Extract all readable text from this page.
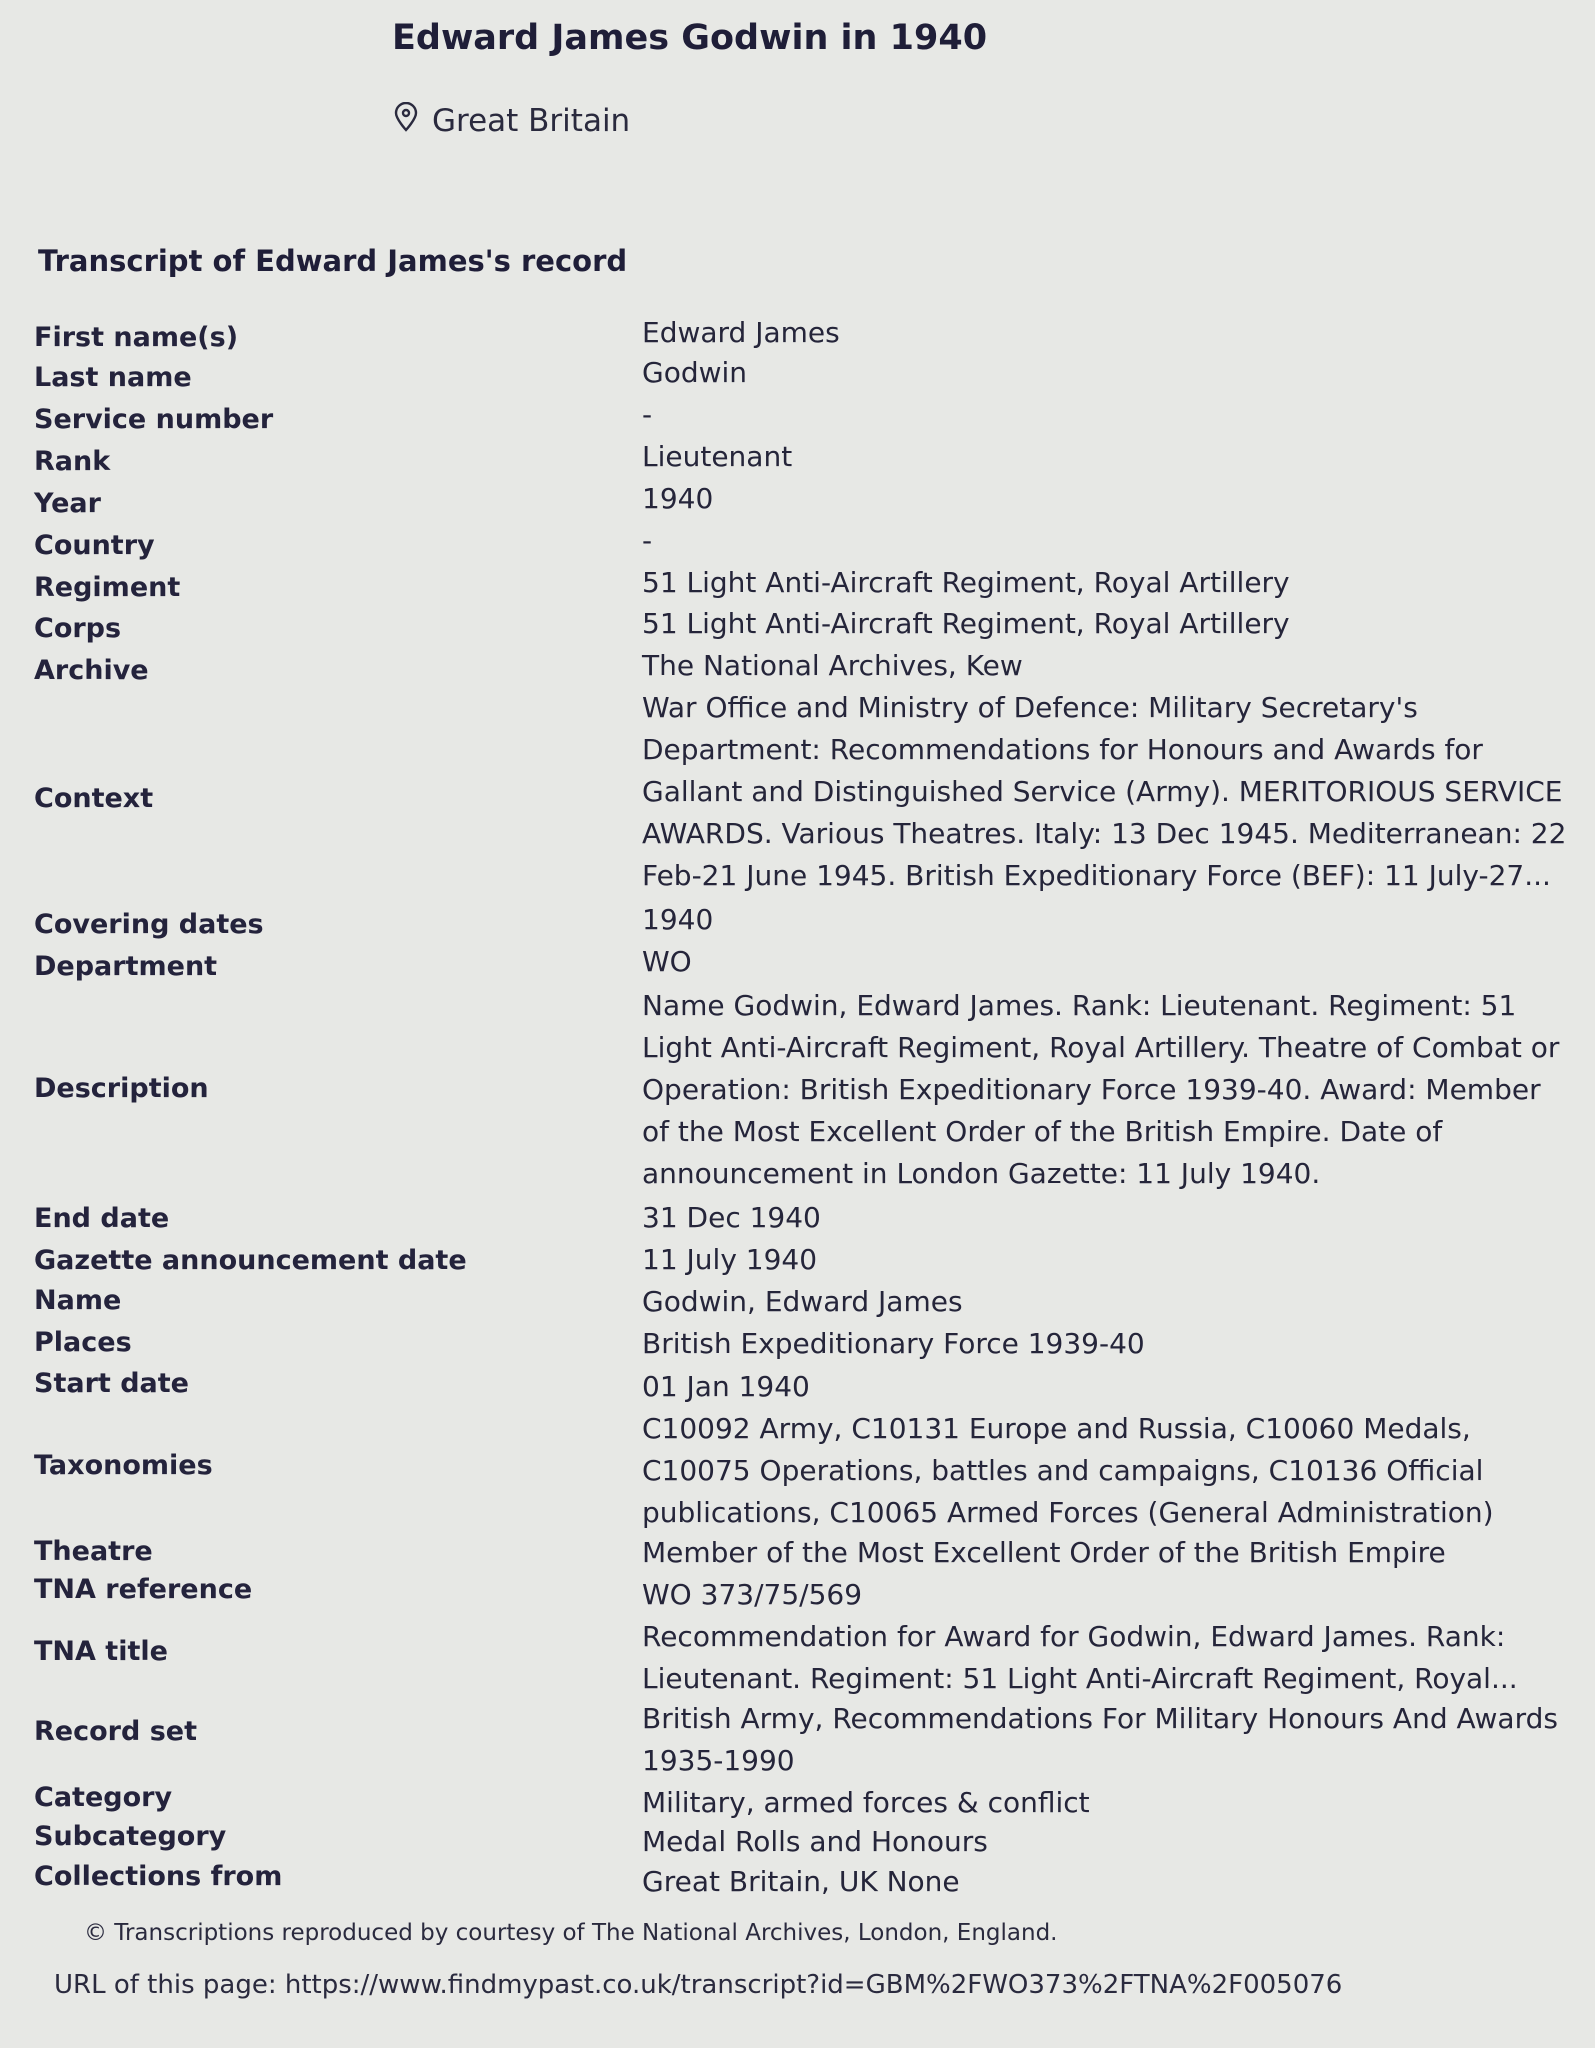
Edward James Godwin in 1940
Great Britain
Transcript of Edward James's record
First name(s)	Edward James
Last name	Godwin
Service number	-
Rank	Lieutenant
Year	1940
Country	-
Regiment	51 Light Anti-Aircraft Regiment, Royal Artillery
Corps	51 Light Anti-Aircraft Regiment, Royal Artillery
Archive	The National Archives, Kew
Context
War Office and Ministry of Defence: Military Secretary's Department: Recommendations for Honours and Awards for Gallant and Distinguished Service (Army). MERITORIOUS SERVICE AWARDS. Various Theatres. Italy: 13 Dec 1945. Mediterranean: 22 Feb-21 June 1945. British Expeditionary Force (BEF): 11 July-27...
Covering dates	1940
Department	WO
Description
Name Godwin, Edward James. Rank: Lieutenant. Regiment: 51 Light Anti-Aircraft Regiment, Royal Artillery. Theatre of Combat or Operation: British Expeditionary Force 1939-40. Award: Member of the Most Excellent Order of the British Empire. Date of announcement in London Gazette: 11 July 1940.
End date	31 Dec 1940
Gazette announcement date	11 July 1940
Name	Godwin, Edward James
Places	British Expeditionary Force 1939-40
Start date	01 Jan 1940
Taxonomies
C10092 Army, C10131 Europe and Russia, C10060 Medals, C10075 Operations, battles and campaigns, C10136 Official publications, C10065 Armed Forces (General Administration)
Theatre	Member of the Most Excellent Order of the British Empire
TNA reference	WO 373/75/569
TNA title	Recommendation for Award for Godwin, Edward James. Rank: Lieutenant. Regiment: 51 Light Anti-Aircraft Regiment, Royal...
Record set	British Army, Recommendations For Military Honours And Awards 1935-1990
Category	Military, armed forces & conflict
Subcategory	Medal Rolls and Honours
Collections from	Great Britain, UK None
© Transcriptions reproduced by courtesy of The National Archives, London, England.
URL of this page: https://www.findmypast.co.uk/transcript?id=GBM%2FWO373%2FTNA%2F005076
